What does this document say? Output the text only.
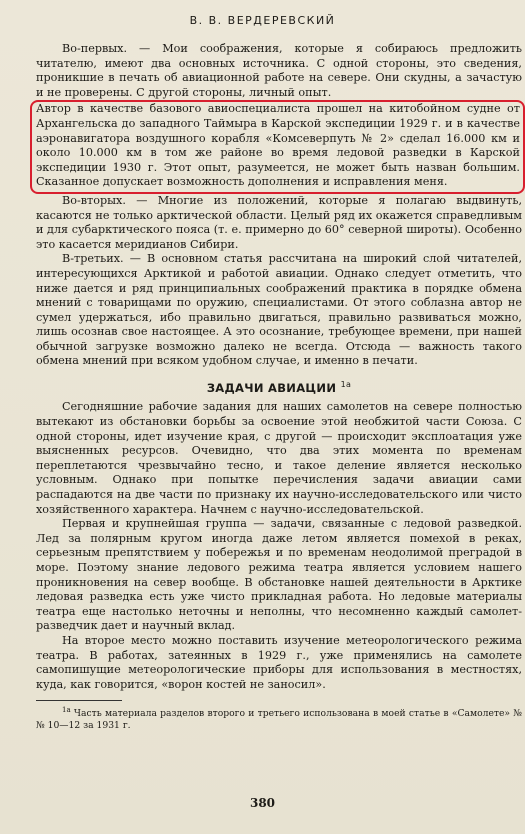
В. В. ВЕРДЕРЕВСКИЙ

Во-первых. — Мои соображения, которые я собираюсь предложить читателю, имеют два основных источника. С одной стороны, это сведения, проникшие в печать об авиационной работе на севере. Они скудны, а зачастую и не проверены. С другой стороны, личный опыт.

Автор в качестве базового авиоспециалиста прошел на китобойном судне от Архангельска до западного Таймыра в Карской экспедиции 1929 г. и в качестве аэронавигатора воздушного корабля «Комсеверпуть № 2» сделал 16.000 км и около 10.000 км в том же районе во время ледовой разведки в Карской экспедиции 1930 г. Этот опыт, разумеется, не может быть назван большим. Сказанное допускает возможность дополнения и исправления меня.

Во-вторых. — Многие из положений, которые я полагаю выдвинуть, касаются не только арктической области. Целый ряд их окажется справедливым и для субарктического пояса (т. е. примерно до 60° северной широты). Особенно это касается меридианов Сибири.

В-третьих. — В основном статья рассчитана на широкий слой читателей, интересующихся Арктикой и работой авиации. Однако следует отметить, что ниже дается и ряд принципиальных соображений практика в порядке обмена мнений с товарищами по оружию, специалистами. От этого соблазна автор не сумел удержаться, ибо правильно двигаться, правильно развиваться можно, лишь осознав свое настоящее. А это осознание, требующее времени, при нашей обычной загрузке возможно далеко не всегда. Отсюда — важность такого обмена мнений при всяком удобном случае, и именно в печати.

ЗАДАЧИ АВИАЦИИ $^{1а}$

Сегодняшние рабочие задания для наших самолетов на севере полностью вытекают из обстановки борьбы за освоение этой необжитой части Союза. С одной стороны, идет изучение края, с другой — происходит эксплоатация уже выясненных ресурсов. Очевидно, что два этих момента по временам переплетаются чрезвычайно тесно, и такое деление является несколько условным. Однако при попытке перечисления задачи авиации сами распадаются на две части по признаку их научно-исследовательского или чисто хозяйственного характера. Начнем с научно-исследовательской.

Первая и крупнейшая группа — задачи, связанные с ледовой разведкой. Лед за полярным кругом иногда даже летом является помехой в реках, серьезным препятствием у побережья и по временам неодолимой преградой в море. Поэтому знание ледового режима театра является условием нашего проникновения на север вообще. В обстановке нашей деятельности в Арктике ледовая разведка есть уже чисто прикладная работа. Но ледовые материалы театра еще настолько неточны и неполны, что несомненно каждый самолет-разведчик дает и научный вклад.

На второе место можно поставить изучение метеорологического режима театра. В работах, затеянных в 1929 г., уже применялись на самолете самопишущие метеорологические приборы для использования в местностях, куда, как говорится, «ворон костей не заносил».

$^{1а}$ Часть материала разделов второго и третьего использована в моей статье в «Самолете» №№ 10—12 за 1931 г.
380
